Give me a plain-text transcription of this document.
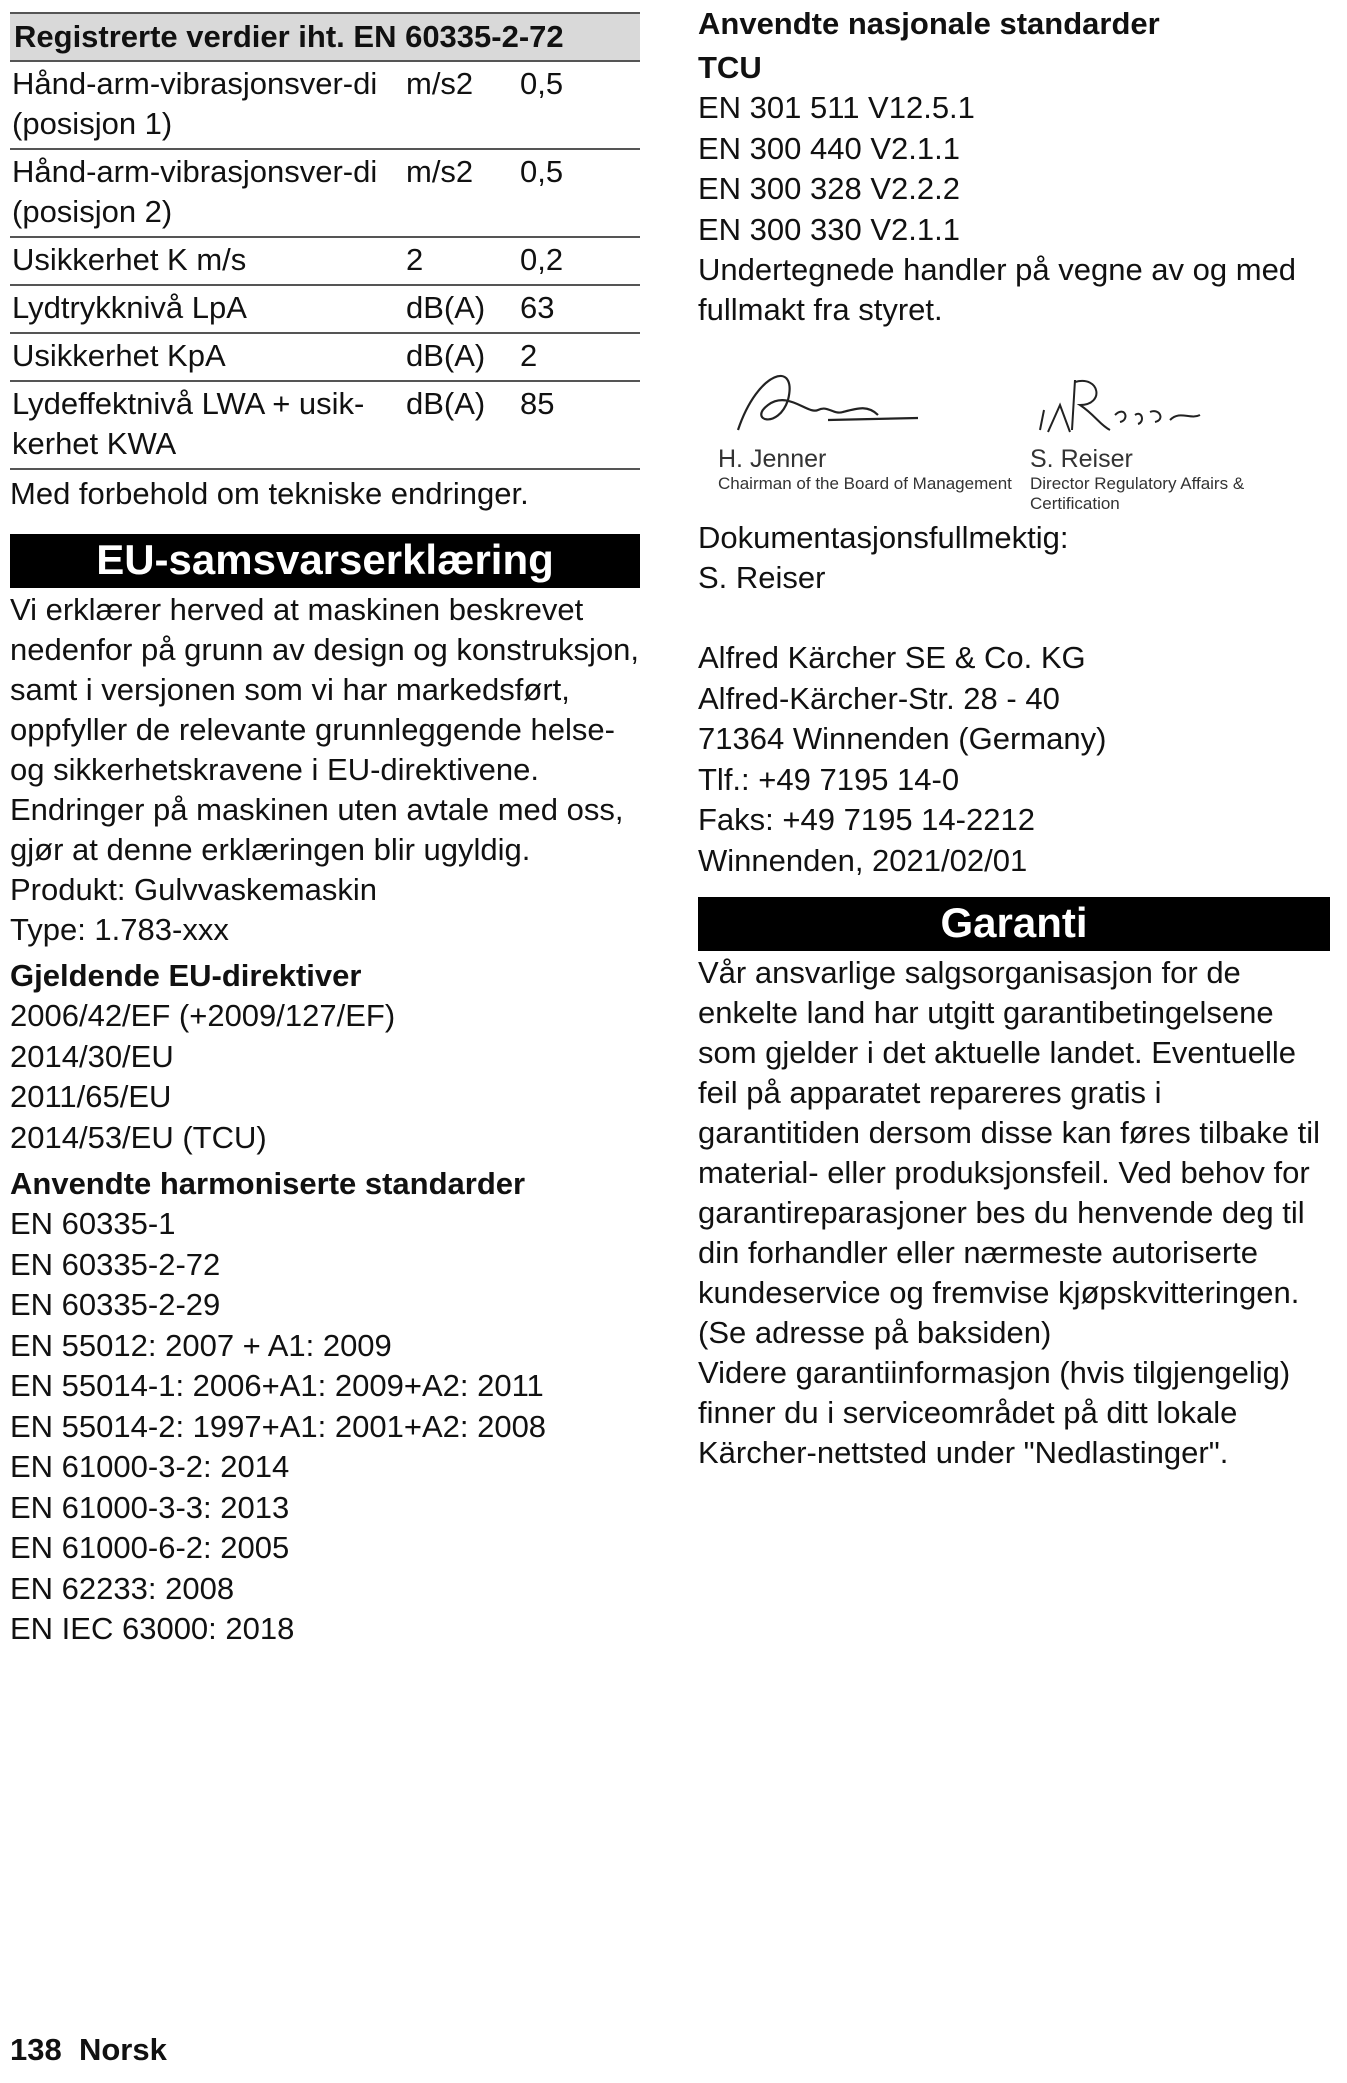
Registrerte verdier iht. EN 60335-2-72		
Hånd-arm-vibrasjonsver-di (posisjon 1)	m/s2	0,5
Hånd-arm-vibrasjonsver-di (posisjon 2)	m/s2	0,5
Usikkerhet K m/s	2	0,2
Lydtrykknivå LpA	dB(A)	63
Usikkerhet KpA	dB(A)	2
Lydeffektnivå LWA + usik-kerhet KWA	dB(A)	85

Med forbehold om tekniske endringer.

EU-samsvarserklæring

Vi erklærer herved at maskinen beskrevet nedenfor på grunn av design og konstruksjon, samt i versjonen som vi har markedsført, oppfyller de relevante grunnleggende helse- og sikkerhetskravene i EU-direktivene. Endringer på maskinen uten avtale med oss, gjør at denne erklæringen blir ugyldig.

Produkt: Gulvvaskemaskin

Type: 1.783-xxx

Gjeldende EU-direktiver

2006/42/EF (+2009/127/EF)
2014/30/EU
2011/65/EU
2014/53/EU (TCU)

Anvendte harmoniserte standarder

EN 60335-1
EN 60335-2-72
EN 60335-2-29
EN 55012: 2007 + A1: 2009
EN 55014-1: 2006+A1: 2009+A2: 2011
EN 55014-2: 1997+A1: 2001+A2: 2008
EN 61000-3-2: 2014
EN 61000-3-3: 2013
EN 61000-6-2: 2005
EN 62233: 2008
EN IEC 63000: 2018

Anvendte nasjonale standarder

TCU

EN 301 511 V12.5.1
EN 300 440 V2.1.1
EN 300 328 V2.2.2
EN 300 330 V2.1.1

Undertegnede handler på vegne av og med fullmakt fra styret.

H. Jenner
Chairman of the Board of Management
S. Reiser
Director Regulatory Affairs & Certification

Dokumentasjonsfullmektig:

S. Reiser

Alfred Kärcher SE & Co. KG
Alfred-Kärcher-Str. 28 - 40
71364 Winnenden (Germany)
Tlf.: +49 7195 14-0
Faks: +49 7195 14-2212
Winnenden, 2021/02/01
Garanti

Vår ansvarlige salgsorganisasjon for de enkelte land har utgitt garantibetingelsene som gjelder i det aktuelle landet. Eventuelle feil på apparatet repareres gratis i garantitiden dersom disse kan føres tilbake til material- eller produksjonsfeil. Ved behov for garantireparasjoner bes du henvende deg til din forhandler eller nærmeste autoriserte kundeservice og fremvise kjøpskvitteringen.

(Se adresse på baksiden)

Videre garantiinformasjon (hvis tilgjengelig) finner du i serviceområdet på ditt lokale Kärcher-nettsted under "Nedlastinger".

138 Norsk
